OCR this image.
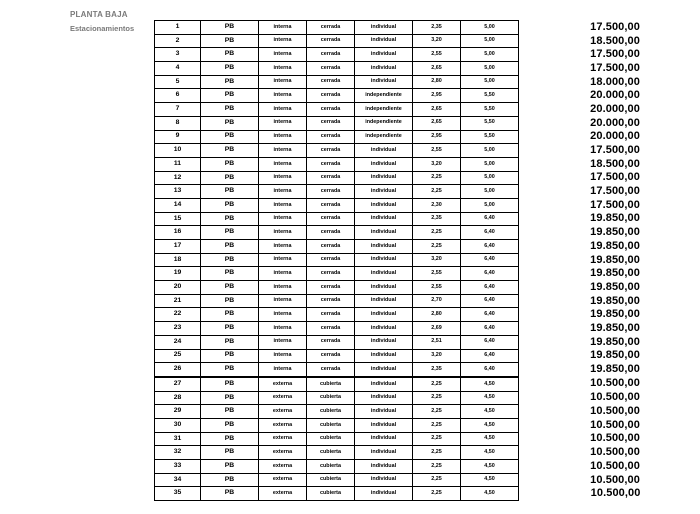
PLANTA BAJA
Estacionamientos	1	PB	interna	cerrada	individual	2,35	5,00	17.500,00
2	PB	interna	cerrada	individual	3,20	5,00	18.500,00
3	PB	interna	cerrada	individual	2,55	5,00	17.500,00
4	PB	interna	cerrada	individual	2,65	5,00	17.500,00
5	PB	interna	cerrada	individual	2,80	5,00	18.000,00
6	PB	interna	cerrada	independiente	2,95	5,50	20.000,00
7	PB	interna	cerrada	independiente	2,65	5,50	20.000,00
8	PB	interna	cerrada	independiente	2,65	5,50	20.000,00
9	PB	interna	cerrada	independiente	2,95	5,50	20.000,00
10	PB	interna	cerrada	individual	2,55	5,00	17.500,00
11	PB	interna	cerrada	individual	3,20	5,00	18.500,00
12	PB	interna	cerrada	individual	2,25	5,00	17.500,00
13	PB	interna	cerrada	individual	2,25	5,00	17.500,00
14	PB	interna	cerrada	individual	2,30	5,00	17.500,00
15	PB	interna	cerrada	individual	2,35	6,40	19.850,00
16	PB	interna	cerrada	individual	2,25	6,40	19.850,00
17	PB	interna	cerrada	individual	2,25	6,40	19.850,00
18	PB	interna	cerrada	individual	3,20	6,40	19.850,00
19	PB	interna	cerrada	individual	2,55	6,40	19.850,00
20	PB	interna	cerrada	individual	2,55	6,40	19.850,00
21	PB	interna	cerrada	individual	2,70	6,40	19.850,00
22	PB	interna	cerrada	individual	2,80	6,40	19.850,00
23	PB	interna	cerrada	individual	2,69	6,40	19.850,00
24	PB	interna	cerrada	individual	2,51	6,40	19.850,00
25	PB	interna	cerrada	individual	3,20	6,40	19.850,00
26	PB	interna	cerrada	individual	2,35	6,40	19.850,00
27	PB	externa	cubierta	individual	2,25	4,50	10.500,00
28	PB	externa	cubierta	individual	2,25	4,50	10.500,00
29	PB	externa	cubierta	individual	2,25	4,50	10.500,00
30	PB	externa	cubierta	individual	2,25	4,50	10.500,00
31	PB	externa	cubierta	individual	2,25	4,50	10.500,00
32	PB	externa	cubierta	individual	2,25	4,50	10.500,00
33	PB	externa	cubierta	individual	2,25	4,50	10.500,00
34	PB	externa	cubierta	individual	2,25	4,50	10.500,00
35	PB	externa	cubierta	individual	2,25	4,50	10.500,00
